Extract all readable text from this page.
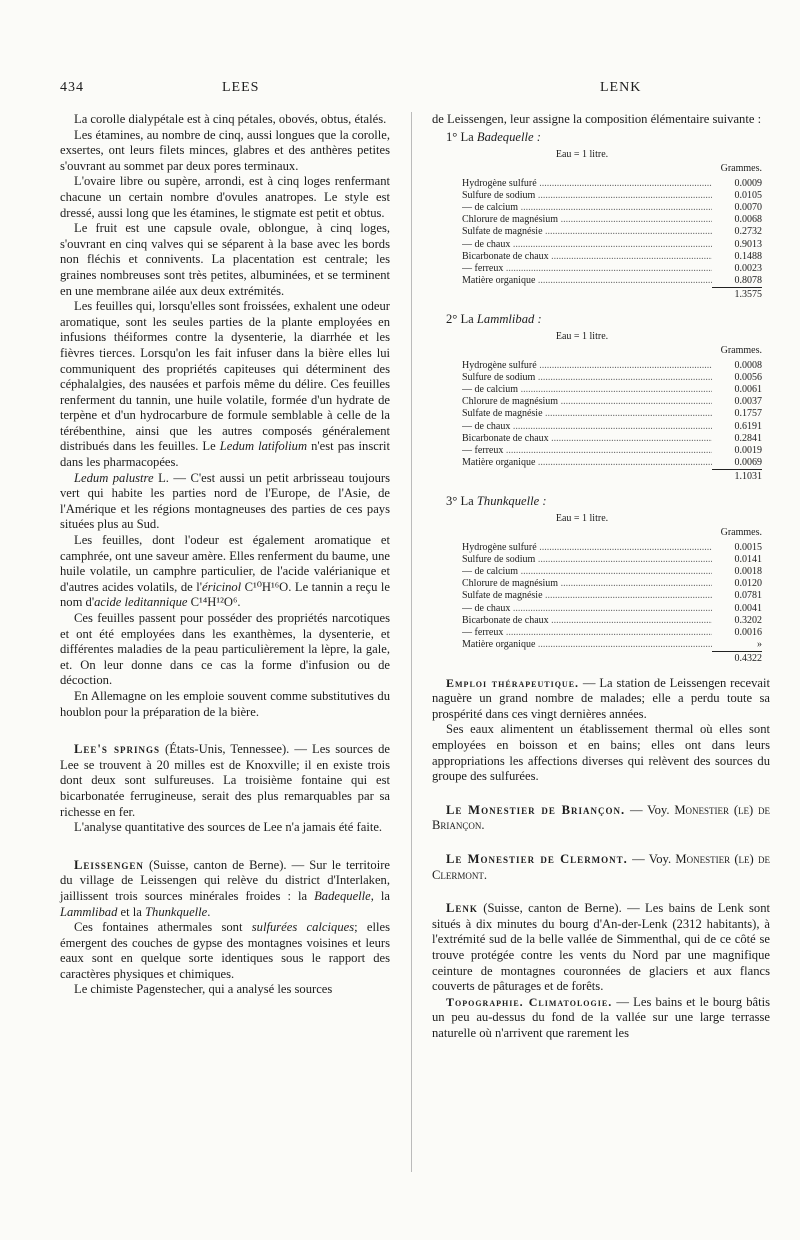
434	LEES	LENK

La corolle dialypétale est à cinq pétales, obovés, obtus, étalés.

Les étamines, au nombre de cinq, aussi longues que la corolle, exsertes, ont leurs filets minces, glabres et des anthères petites s'ouvrant au sommet par deux pores terminaux.

L'ovaire libre ou supère, arrondi, est à cinq loges renfermant chacune un certain nombre d'ovules anatropes. Le style est dressé, aussi long que les étamines, le stigmate est petit et obtus.

Le fruit est une capsule ovale, oblongue, à cinq loges, s'ouvrant en cinq valves qui se séparent à la base avec les bords non fléchis et connivents. La placentation est centrale; les graines nombreuses sont très petites, albuminées, et se terminent en une membrane ailée aux deux extrémités.

Les feuilles qui, lorsqu'elles sont froissées, exhalent une odeur aromatique, sont les seules parties de la plante employées en infusions théiformes contre la dysenterie, la diarrhée et les fièvres tierces. Lorsqu'on les fait infuser dans la bière elles lui communiquent des propriétés capiteuses qui déterminent des céphalalgies, des nausées et parfois même du délire. Ces feuilles renferment du tannin, une huile volatile, formée d'un hydrate de terpène et d'un hydrocarbure de formule semblable à celle de la térébenthine, ainsi que les autres composés généralement distribués dans les feuilles. Le Ledum latifolium n'est pas inscrit dans les pharmacopées.

Ledum palustre L. — C'est aussi un petit arbrisseau toujours vert qui habite les parties nord de l'Europe, de l'Asie, de l'Amérique et les régions montagneuses des parties de ces pays situées plus au Sud.

Les feuilles, dont l'odeur est également aromatique et camphrée, ont une saveur amère. Elles renferment du baume, une huile volatile, un camphre particulier, de l'acide valérianique et d'autres acides volatils, de l'éricinol C¹⁰H¹⁶O. Le tannin a reçu le nom d'acide leditannique C¹⁴H¹²O⁶.

Ces feuilles passent pour posséder des propriétés narcotiques et ont été employées dans les exanthèmes, la dysenterie, et différentes maladies de la peau particulièrement la lèpre, la gale, et. On leur donne dans ce cas la forme d'infusion ou de décoction.

En Allemagne on les emploie souvent comme substitutives du houblon pour la préparation de la bière.

Lee's springs (États-Unis, Tennessee). — Les sources de Lee se trouvent à 20 milles est de Knoxville; il en existe trois dont deux sont sulfureuses. La troisième fontaine qui est bicarbonatée ferrugineuse, serait des plus remarquables par sa richesse en fer.

L'analyse quantitative des sources de Lee n'a jamais été faite.

Leissengen (Suisse, canton de Berne). — Sur le territoire du village de Leissengen qui relève du district d'Interlaken, jaillissent trois sources minérales froides : la Badequelle, la Lammlibad et la Thunkquelle.

Ces fontaines athermales sont sulfurées calciques; elles émergent des couches de gypse des montagnes voisines et leurs eaux sont en quelque sorte identiques sous le rapport des caractères physiques et chimiques.

Le chimiste Pagenstecher, qui a analysé les sources

de Leissengen, leur assigne la composition élémentaire suivante :

1° La Badequelle :

Eau = 1 litre.
Grammes.
Hydrogène sulfuré .....	0.0009
Sulfure de sodium .....	0.0105
— de calcium .....	0.0070
Chlorure de magnésium .....	0.0068
Sulfate de magnésie .....	0.2732
— de chaux .....	0.9013
Bicarbonate de chaux .....	0.1488
— ferreux .....	0.0023
Matière organique .....	0.8078
1.3575

2° La Lammlibad :

Eau = 1 litre.
Grammes.
Hydrogène sulfuré .....	0.0008
Sulfure de sodium .....	0.0056
— de calcium .....	0.0061
Chlorure de magnésium .....	0.0037
Sulfate de magnésie .....	0.1757
— de chaux .....	0.6191
Bicarbonate de chaux .....	0.2841
— ferreux .....	0.0019
Matière organique .....	0.0069
1.1031

3° La Thunkquelle :

Eau = 1 litre.
Grammes.
Hydrogène sulfuré .....	0.0015
Sulfure de sodium .....	0.0141
— de calcium .....	0.0018
Chlorure de magnésium .....	0.0120
Sulfate de magnésie .....	0.0781
— de chaux .....	0.0041
Bicarbonate de chaux .....	0.3202
— ferreux .....	0.0016
Matière organique .....	»
0.4322

Emploi thérapeutique. — La station de Leissengen recevait naguère un grand nombre de malades; elle a perdu toute sa prospérité dans ces vingt dernières années.

Ses eaux alimentent un établissement thermal où elles sont employées en boisson et en bains; elles ont dans leurs appropriations les affections diverses qui relèvent des sources du groupe des sulfurées.

Le Monestier de Briançon. — Voy. Monestier (le) de Briançon.

Le Monestier de Clermont. — Voy. Monestier (le) de Clermont.

Lenk (Suisse, canton de Berne). — Les bains de Lenk sont situés à dix minutes du bourg d'An-der-Lenk (2312 habitants), à l'extrémité sud de la belle vallée de Simmenthal, qui de ce côté se trouve protégée contre les vents du Nord par une magnifique ceinture de montagnes couronnées de glaciers et aux flancs couverts de pâturages et de forêts.

Topographie. Climatologie. — Les bains et le bourg bâtis un peu au-dessus du fond de la vallée sur une large terrasse naturelle où n'arrivent que rarement les
